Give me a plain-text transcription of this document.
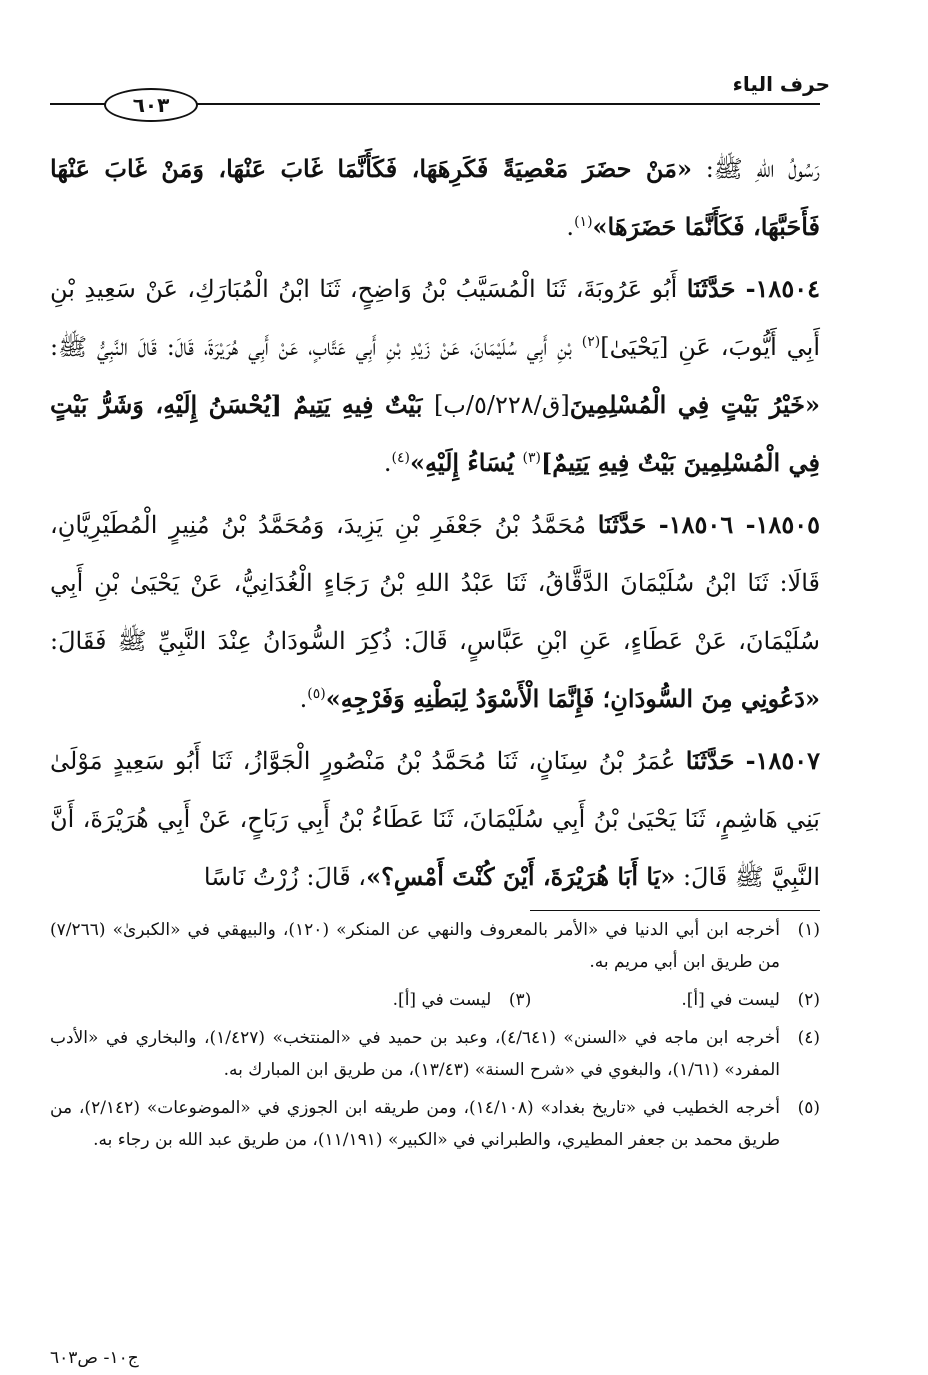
حرف الياء
٦٠٣

رَسُولُ اللهِ ﷺ: «مَنْ حضَرَ مَعْصِيَةً فَكَرِهَهَا، فَكَأَنَّمَا غَابَ عَنْهَا، وَمَنْ غَابَ عَنْهَا فَأَحَبَّهَا، فَكَأَنَّمَا حَضَرَهَا»$^{(١)}$.

١٨٥٠٤- حَدَّثَنَا أَبُو عَرُوبَةَ، ثَنَا الْمُسَيَّبُ بْنُ وَاضِحٍ، ثَنَا ابْنُ الْمُبَارَكِ، عَنْ سَعِيدِ بْنِ أَبِي أَيُّوبَ، عَنِ [يَحْيَىٰ]$^{(٢)}$ بْنِ أَبِي سُلَيْمَانَ، عَنْ زَيْدِ بْنِ أَبِي عَتَّابٍ، عَنْ أَبِي هُرَيْرَةَ، قَالَ: قَالَ النَّبِيُّ ﷺ: «خَيْرُ بَيْتٍ فِي الْمُسْلِمِينَ[ق/٥/٢٢٨/ب] بَيْتٌ فِيهِ يَتِيمٌ [يُحْسَنُ إِلَيْهِ، وَشَرُّ بَيْتٍ فِي الْمُسْلِمِينَ بَيْتٌ فِيهِ يَتِيمٌ]$^{(٣)}$ يُسَاءُ إِلَيْهِ»$^{(٤)}$.

١٨٥٠٥- ١٨٥٠٦- حَدَّثَنَا مُحَمَّدُ بْنُ جَعْفَرِ بْنِ يَزِيدَ، وَمُحَمَّدُ بْنُ مُنِيرٍ الْمُطَيْرِيَّانِ، قَالَا: ثَنَا ابْنُ سُلَيْمَانَ الدَّقَّاقُ، ثَنَا عَبْدُ اللهِ بْنُ رَجَاءٍ الْغُدَانِيُّ، عَنْ يَحْيَىٰ بْنِ أَبِي سُلَيْمَانَ، عَنْ عَطَاءٍ، عَنِ ابْنِ عَبَّاسٍ، قَالَ: ذُكِرَ السُّودَانُ عِنْدَ النَّبِيِّ ﷺ فَقَالَ: «دَعُونِي مِنَ السُّودَانِ؛ فَإِنَّمَا الْأَسْوَدُ لِبَطْنِهِ وَفَرْجِهِ»$^{(٥)}$.

١٨٥٠٧- حَدَّثَنَا عُمَرُ بْنُ سِنَانٍ، ثَنَا مُحَمَّدُ بْنُ مَنْصُورٍ الْجَوَّازُ، ثَنَا أَبُو سَعِيدٍ مَوْلَىٰ بَنِي هَاشِمٍ، ثَنَا يَحْيَىٰ بْنُ أَبِي سُلَيْمَانَ، ثَنَا عَطَاءُ بْنُ أَبِي رَبَاحٍ، عَنْ أَبِي هُرَيْرَةَ، أَنَّ النَّبِيَّ ﷺ قَالَ: «يَا أَبَا هُرَيْرَةَ، أَيْنَ كُنْتَ أَمْسِ؟»، قَالَ: زُرْتُ نَاسًا

(١)
أخرجه ابن أبي الدنيا في «الأمر بالمعروف والنهي عن المنكر» (١٢٠)، والبيهقي في «الكبرىٰ» (٧/٢٦٦) من طريق ابن أبي مريم به.
(٢)
ليست في [أ].
(٣)
ليست في [أ].
(٤)
أخرجه ابن ماجه في «السنن» (٤/٦٤١)، وعبد بن حميد في «المنتخب» (١/٤٢٧)، والبخاري في «الأدب المفرد» (١/٦١)، والبغوي في «شرح السنة» (١٣/٤٣)، من طريق ابن المبارك به.
(٥)
أخرجه الخطيب في «تاريخ بغداد» (١٤/١٠٨)، ومن طريقه ابن الجوزي في «الموضوعات» (٢/١٤٢)، من طريق محمد بن جعفر المطيري، والطبراني في «الكبير» (١١/١٩١)، من طريق عبد الله بن رجاء به.
ج١٠- ص٦٠٣
